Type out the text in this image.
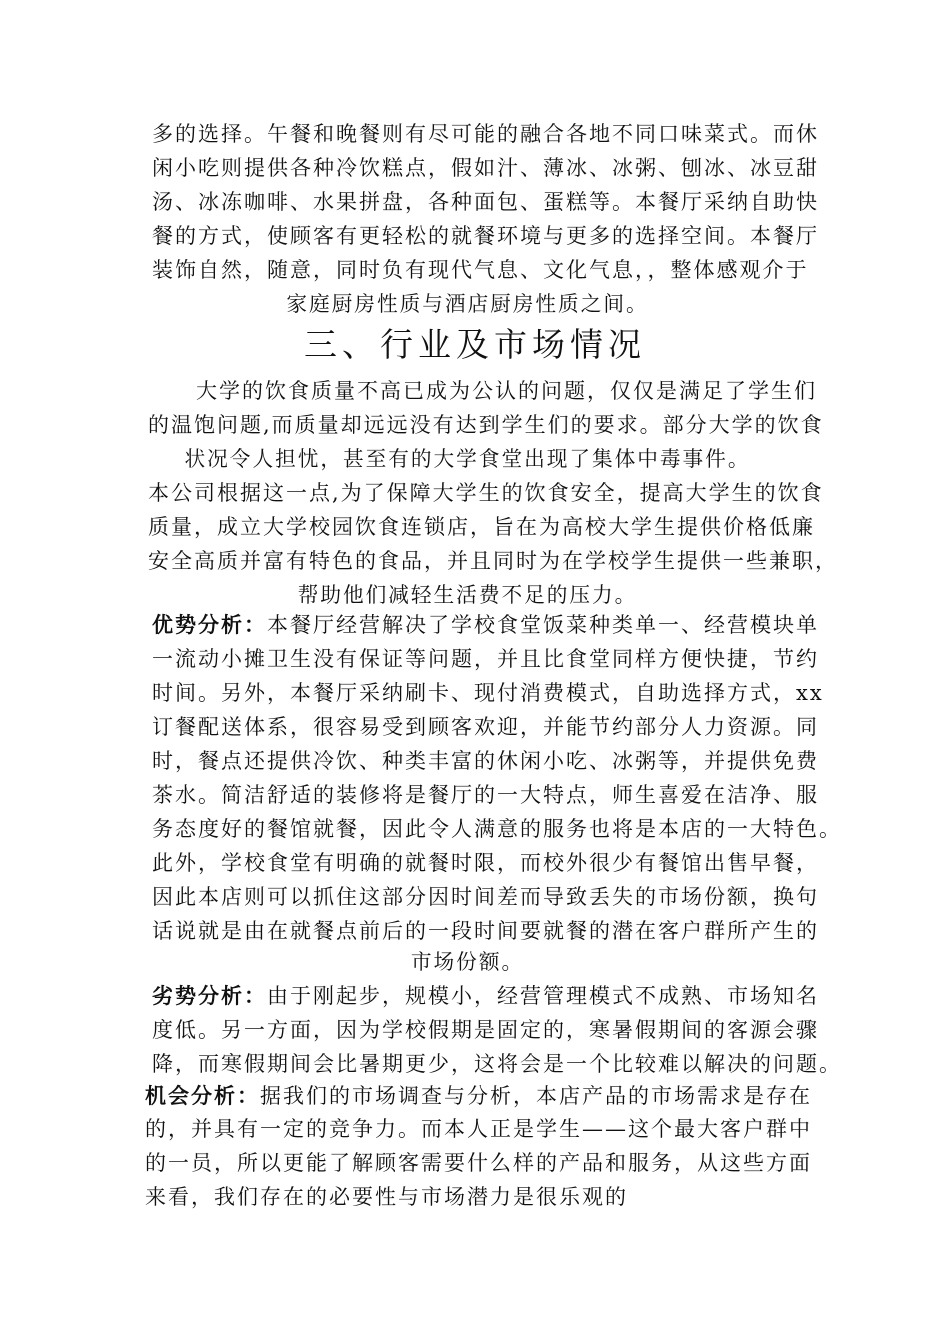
多的选择。午餐和晚餐则有尽可能的融合各地不同口味菜式。而休
闲小吃则提供各种冷饮糕点，假如汁、薄冰、冰粥、刨冰、冰豆甜
汤、冰冻咖啡、水果拼盘，各种面包、蛋糕等。本餐厅采纳自助快
餐的方式，使顾客有更轻松的就餐环境与更多的选择空间。本餐厅
装饰自然，随意，同时负有现代气息、文化气息，，整体感观介于
家庭厨房性质与酒店厨房性质之间。
三、行业及市场情况
大学的饮食质量不高已成为公认的问题，仅仅是满足了学生们
的温饱问题,而质量却远远没有达到学生们的要求。部分大学的饮食
状况令人担忧，甚至有的大学食堂出现了集体中毒事件。
本公司根据这一点,为了保障大学生的饮食安全，提高大学生的饮食
质量，成立大学校园饮食连锁店，旨在为高校大学生提供价格低廉
安全高质并富有特色的食品，并且同时为在学校学生提供一些兼职，
帮助他们减轻生活费不足的压力。
优势分析：本餐厅经营解决了学校食堂饭菜种类单一、经营模块单
一流动小摊卫生没有保证等问题，并且比食堂同样方便快捷，节约
时间。另外，本餐厅采纳刷卡、现付消费模式，自助选择方式，xx
订餐配送体系，很容易受到顾客欢迎，并能节约部分人力资源。同
时，餐点还提供冷饮、种类丰富的休闲小吃、冰粥等，并提供免费
茶水。简洁舒适的装修将是餐厅的一大特点，师生喜爱在洁净、服
务态度好的餐馆就餐，因此令人满意的服务也将是本店的一大特色。
此外，学校食堂有明确的就餐时限，而校外很少有餐馆出售早餐，
因此本店则可以抓住这部分因时间差而导致丢失的市场份额，换句
话说就是由在就餐点前后的一段时间要就餐的潜在客户群所产生的
市场份额。
劣势分析：由于刚起步，规模小，经营管理模式不成熟、市场知名
度低。另一方面，因为学校假期是固定的，寒暑假期间的客源会骤
降，而寒假期间会比暑期更少，这将会是一个比较难以解决的问题。
机会分析：据我们的市场调查与分析，本店产品的市场需求是存在
的，并具有一定的竞争力。而本人正是学生——这个最大客户群中
的一员，所以更能了解顾客需要什么样的产品和服务，从这些方面
来看，我们存在的必要性与市场潜力是很乐观的
